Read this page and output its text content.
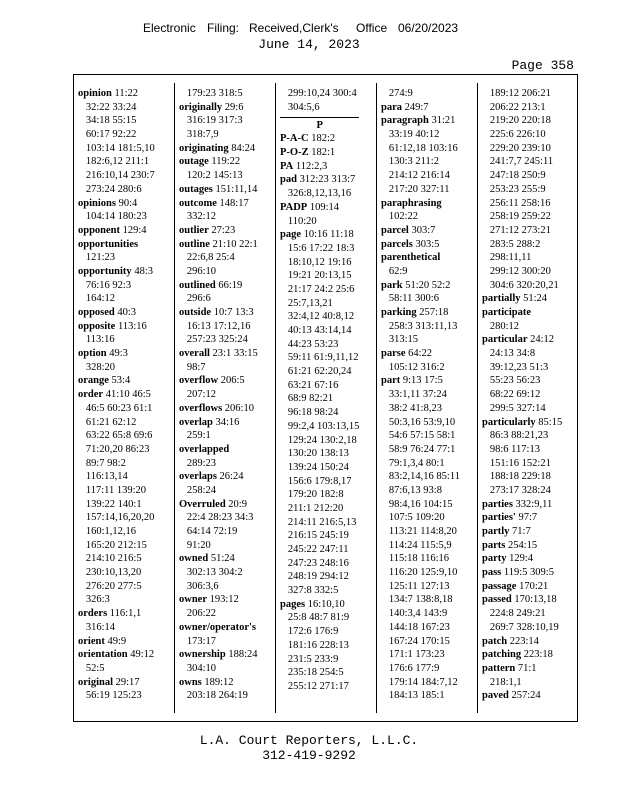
Electronic Filing: Received,Clerk's Office 06/20/2023
June 14, 2023
Page 358
opinion 11:22
32:22 33:24
34:18 55:15
60:17 92:22
103:14 181:5,10
182:6,12 211:1
216:10,14 230:7
273:24 280:6
opinions 90:4
104:14 180:23
opponent 129:4
opportunities
121:23
opportunity 48:3
76:16 92:3
164:12
opposed 40:3
opposite 113:16
113:16
option 49:3
328:20
orange 53:4
order 41:10 46:5
46:5 60:23 61:1
61:21 62:12
63:22 65:8 69:6
71:20,20 86:23
89:7 98:2
116:13,14
117:11 139:20
139:22 140:1
157:14,16,20,20
160:1,12,16
165:20 212:15
214:10 216:5
230:10,13,20
276:20 277:5
326:3
orders 116:1,1
316:14
orient 49:9
orientation 49:12
52:5
original 29:17
56:19 125:23
179:23 318:5
originally 29:6
316:19 317:3
318:7,9
originating 84:24
outage 119:22
120:2 145:13
outages 151:11,14
outcome 148:17
332:12
outlier 27:23
outline 21:10 22:1
22:6,8 25:4
296:10
outlined 66:19
296:6
outside 10:7 13:3
16:13 17:12,16
257:23 325:24
overall 23:1 33:15
98:7
overflow 206:5
207:12
overflows 206:10
overlap 34:16
259:1
overlapped
289:23
overlaps 26:24
258:24
Overruled 20:9
22:4 28:23 34:3
64:14 72:19
91:20
owned 51:24
302:13 304:2
306:3,6
owner 193:12
206:22
owner/operator's
173:17
ownership 188:24
304:10
owns 189:12
203:18 264:19
299:10,24 300:4
304:5,6
P
P-A-C 182:2
P-O-Z 182:1
PA 112:2,3
pad 312:23 313:7
326:8,12,13,16
PADP 109:14
110:20
page 10:16 11:18
15:6 17:22 18:3
18:10,12 19:16
19:21 20:13,15
21:17 24:2 25:6
25:7,13,21
32:4,12 40:8,12
40:13 43:14,14
44:23 53:23
59:11 61:9,11,12
61:21 62:20,24
63:21 67:16
68:9 82:21
96:18 98:24
99:2,4 103:13,15
129:24 130:2,18
130:20 138:13
139:24 150:24
156:6 179:8,17
179:20 182:8
211:1 212:20
214:11 216:5,13
216:15 245:19
245:22 247:11
247:23 248:16
248:19 294:12
327:8 332:5
pages 16:10,10
25:8 48:7 81:9
172:6 176:9
181:16 228:13
231:5 233:9
235:18 254:5
255:12 271:17
274:9
para 249:7
paragraph 31:21
33:19 40:12
61:12,18 103:16
130:3 211:2
214:12 216:14
217:20 327:11
paraphrasing
102:22
parcel 303:7
parcels 303:5
parenthetical
62:9
park 51:20 52:2
58:11 300:6
parking 257:18
258:3 313:11,13
313:15
parse 64:22
105:12 316:2
part 9:13 17:5
33:1,11 37:24
38:2 41:8,23
50:3,16 53:9,10
54:6 57:15 58:1
58:9 76:24 77:1
79:1,3,4 80:1
83:2,14,16 85:11
87:6,13 93:8
98:4,16 104:15
107:5 109:20
113:21 114:8,20
114:24 115:5,9
115:18 116:16
116:20 125:9,10
125:11 127:13
134:7 138:8,18
140:3,4 143:9
144:18 167:23
167:24 170:15
171:1 173:23
176:6 177:9
179:14 184:7,12
184:13 185:1
189:12 206:21
206:22 213:1
219:20 220:18
225:6 226:10
229:20 239:10
241:7,7 245:11
247:18 250:9
253:23 255:9
256:11 258:16
258:19 259:22
271:12 273:21
283:5 288:2
298:11,11
299:12 300:20
304:6 320:20,21
partially 51:24
participate
280:12
particular 24:12
24:13 34:8
39:12,23 51:3
55:23 56:23
68:22 69:12
299:5 327:14
particularly 85:15
86:3 88:21,23
98:6 117:13
151:16 152:21
188:18 229:18
273:17 328:24
parties 332:9,11
parties' 97:7
partly 71:7
parts 254:15
party 129:4
pass 119:5 309:5
passage 170:21
passed 170:13,18
224:8 249:21
269:7 328:10,19
patch 223:14
patching 223:18
pattern 71:1
218:1,1
paved 257:24
L.A. Court Reporters, L.L.C.
312-419-9292
